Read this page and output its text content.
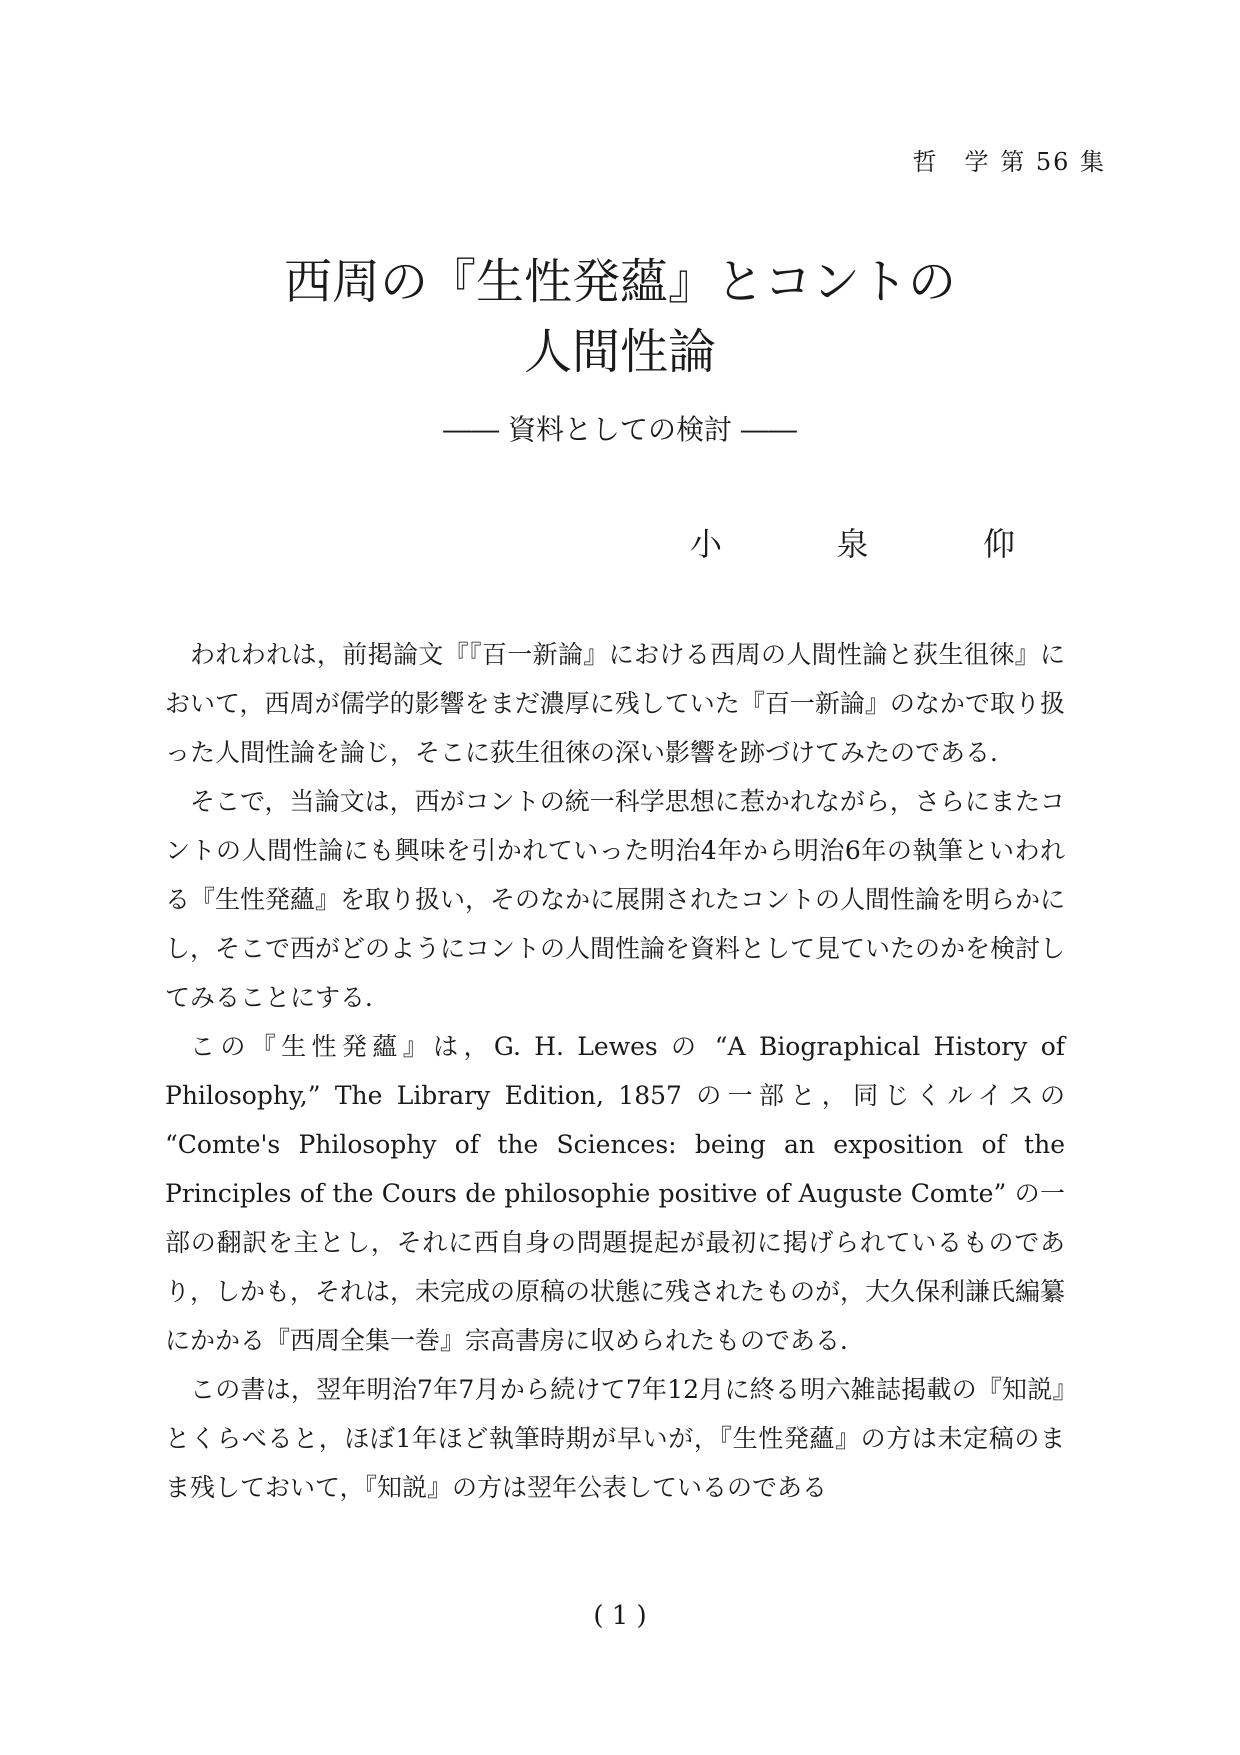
哲　学 第 56 集
西周の『生性発蘊』とコントの
人間性論
―― 資料としての検討 ――
小	泉	仰

われわれは，前掲論文『『百一新論』における西周の人間性論と荻生徂徠』において，西周が儒学的影響をまだ濃厚に残していた『百一新論』のなかで取り扱った人間性論を論じ，そこに荻生徂徠の深い影響を跡づけてみたのである．

そこで，当論文は，西がコントの統一科学思想に惹かれながら，さらにまたコントの人間性論にも興味を引かれていった明治4年から明治6年の執筆といわれる『生性発蘊』を取り扱い，そのなかに展開されたコントの人間性論を明らかにし，そこで西がどのようにコントの人間性論を資料として見ていたのかを検討してみることにする．

この『生性発蘊』は，G. H. Lewes の “A Biographical History of Philosophy,” The Library Edition, 1857 の一部と，同じくルイスの “Comte's Philosophy of the Sciences: being an exposition of the Principles of the Cours de philosophie positive of Auguste Comte” の一部の翻訳を主とし，それに西自身の問題提起が最初に掲げられているものであり，しかも，それは，未完成の原稿の状態に残されたものが，大久保利謙氏編纂にかかる『西周全集一巻』宗高書房に収められたものである．

この書は，翌年明治7年7月から続けて7年12月に終る明六雑誌掲載の『知説』とくらべると，ほぼ1年ほど執筆時期が早いが，『生性発蘊』の方は未定稿のまま残しておいて，『知説』の方は翌年公表しているのである

( 1 )
